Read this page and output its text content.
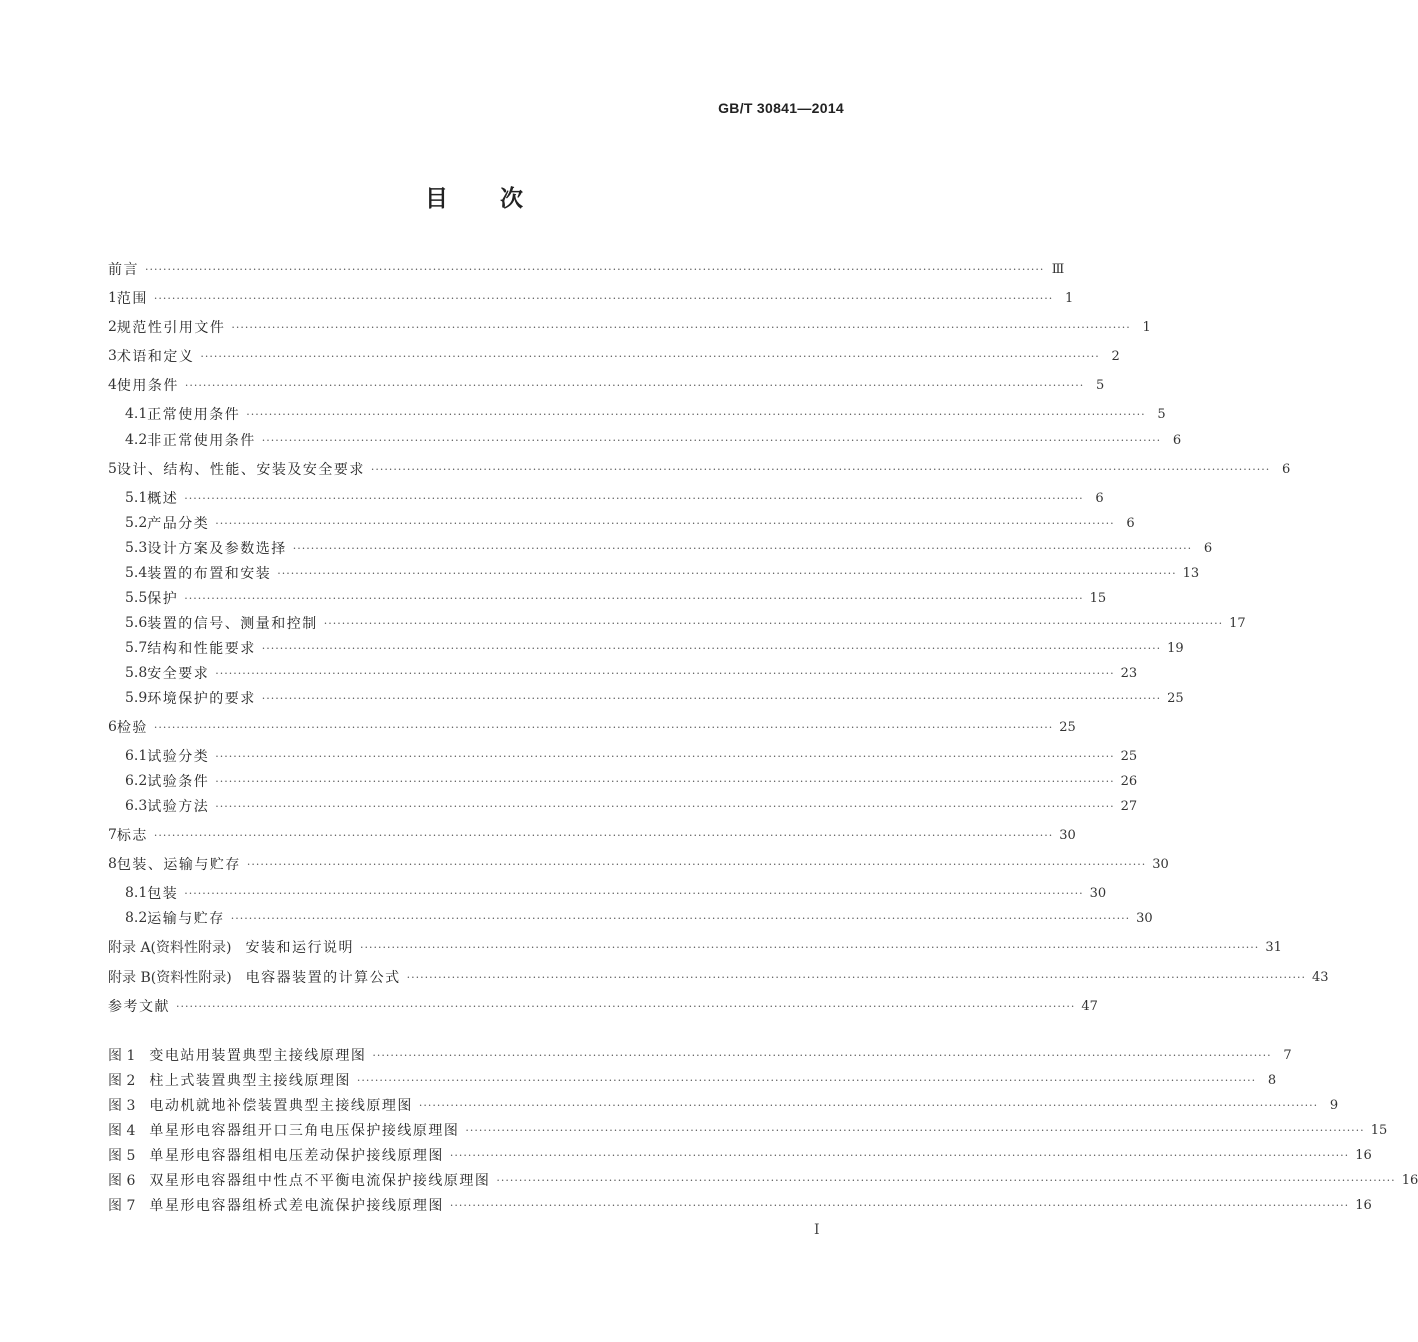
GB/T 30841—2014
目 次
前言 ········································································································································································································ Ⅲ
1 范围 ········································································································································································································ 1
2 规范性引用文件 ········································································································································································································ 1
3 术语和定义 ········································································································································································································ 2
4 使用条件 ········································································································································································································ 5
4.1 正常使用条件 ········································································································································································································ 5
4.2 非正常使用条件 ········································································································································································································ 6
5 设计、结构、性能、安装及安全要求 ········································································································································································································ 6
5.1 概述 ········································································································································································································ 6
5.2 产品分类 ········································································································································································································ 6
5.3 设计方案及参数选择 ········································································································································································································ 6
5.4 装置的布置和安装 ········································································································································································································ 13
5.5 保护 ········································································································································································································ 15
5.6 装置的信号、测量和控制 ········································································································································································································ 17
5.7 结构和性能要求 ········································································································································································································ 19
5.8 安全要求 ········································································································································································································ 23
5.9 环境保护的要求 ········································································································································································································ 25
6 检验 ········································································································································································································ 25
6.1 试验分类 ········································································································································································································ 25
6.2 试验条件 ········································································································································································································ 26
6.3 试验方法 ········································································································································································································ 27
7 标志 ········································································································································································································ 30
8 包装、运输与贮存 ········································································································································································································ 30
8.1 包装 ········································································································································································································ 30
8.2 运输与贮存 ········································································································································································································ 30
附录 A(资料性附录) 安装和运行说明 ········································································································································································································ 31
附录 B(资料性附录) 电容器装置的计算公式 ········································································································································································································ 43
参考文献 ········································································································································································································ 47
图 1 变电站用装置典型主接线原理图 ········································································································································································································ 7
图 2 柱上式装置典型主接线原理图 ········································································································································································································ 8
图 3 电动机就地补偿装置典型主接线原理图 ········································································································································································································ 9
图 4 单星形电容器组开口三角电压保护接线原理图 ········································································································································································································ 15
图 5 单星形电容器组相电压差动保护接线原理图 ········································································································································································································ 16
图 6 双星形电容器组中性点不平衡电流保护接线原理图 ········································································································································································································ 16
图 7 单星形电容器组桥式差电流保护接线原理图 ········································································································································································································ 16
I
